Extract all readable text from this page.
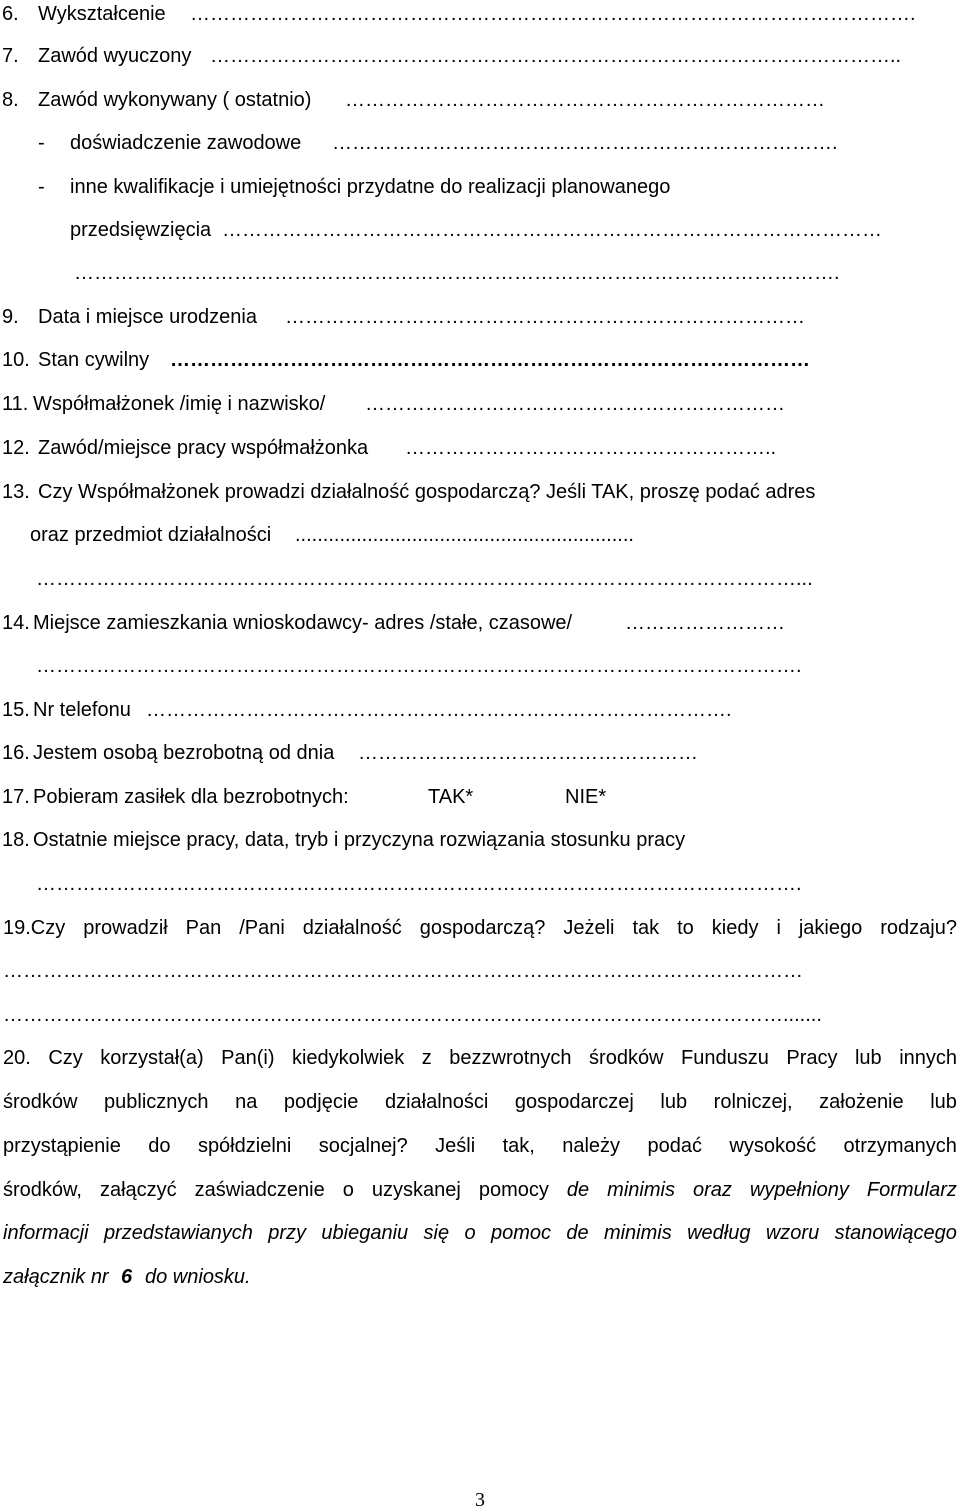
6. Wykształcenie ……………………………………………………………………………………………….
7. Zawód wyuczony …………………………………………………………………………………………..
8. Zawód wykonywany ( ostatnio) ………………………………………………………………
- doświadczenie zawodowe ………………………………………………………………….
- inne kwalifikacje i umiejętności przydatne do realizacji planowanego
przedsięwzięcia ………………………………………………………………………………………
…………………………………………………………………………………………………….
9. Data i miejsce urodzenia ……………………………………………………………………
10. Stan cywilny ……………………………………………………………………………………
11. Współmałżonek /imię i nazwisko/ ………………………………………………………
12. Zawód/miejsce pracy współmałżonka ………………………………………………..
13. Czy Współmałżonek prowadzi działalność gospodarczą? Jeśli TAK, proszę podać adres
oraz przedmiot działalności .............................................................
……………………………………………………………………………………………………...
14. Miejsce zamieszkania wnioskodawcy- adres /stałe, czasowe/	……………………
…………………………………………………………………………………………………….
15. Nr telefonu …………………………………………………………………………….
16. Jestem osobą bezrobotną od dnia ……………………………………………
17. Pobieram zasiłek dla bezrobotnych:	TAK*	NIE*
18. Ostatnie miejsce pracy, data, tryb i przyczyna rozwiązania stosunku pracy
…………………………………………………………………………………………………….
19.Czy prowadził Pan /Pani działalność gospodarczą? Jeżeli tak to kiedy i jakiego rodzaju?
…………………………………………………………………………………………………………
……………………………………………………………………………………………………….......
20. Czy korzystał(a) Pan(i) kiedykolwiek z bezzwrotnych środków Funduszu Pracy lub innych
środków publicznych na podjęcie działalności gospodarczej lub rolniczej, założenie lub
przystąpienie do spółdzielni socjalnej? Jeśli tak, należy podać wysokość otrzymanych
środków, załączyć zaświadczenie o uzyskanej pomocy de minimis oraz wypełniony Formularz
informacji przedstawianych przy ubieganiu się o pomoc de minimis według wzoru stanowiącego
załącznik nr 6 do wniosku.
3
